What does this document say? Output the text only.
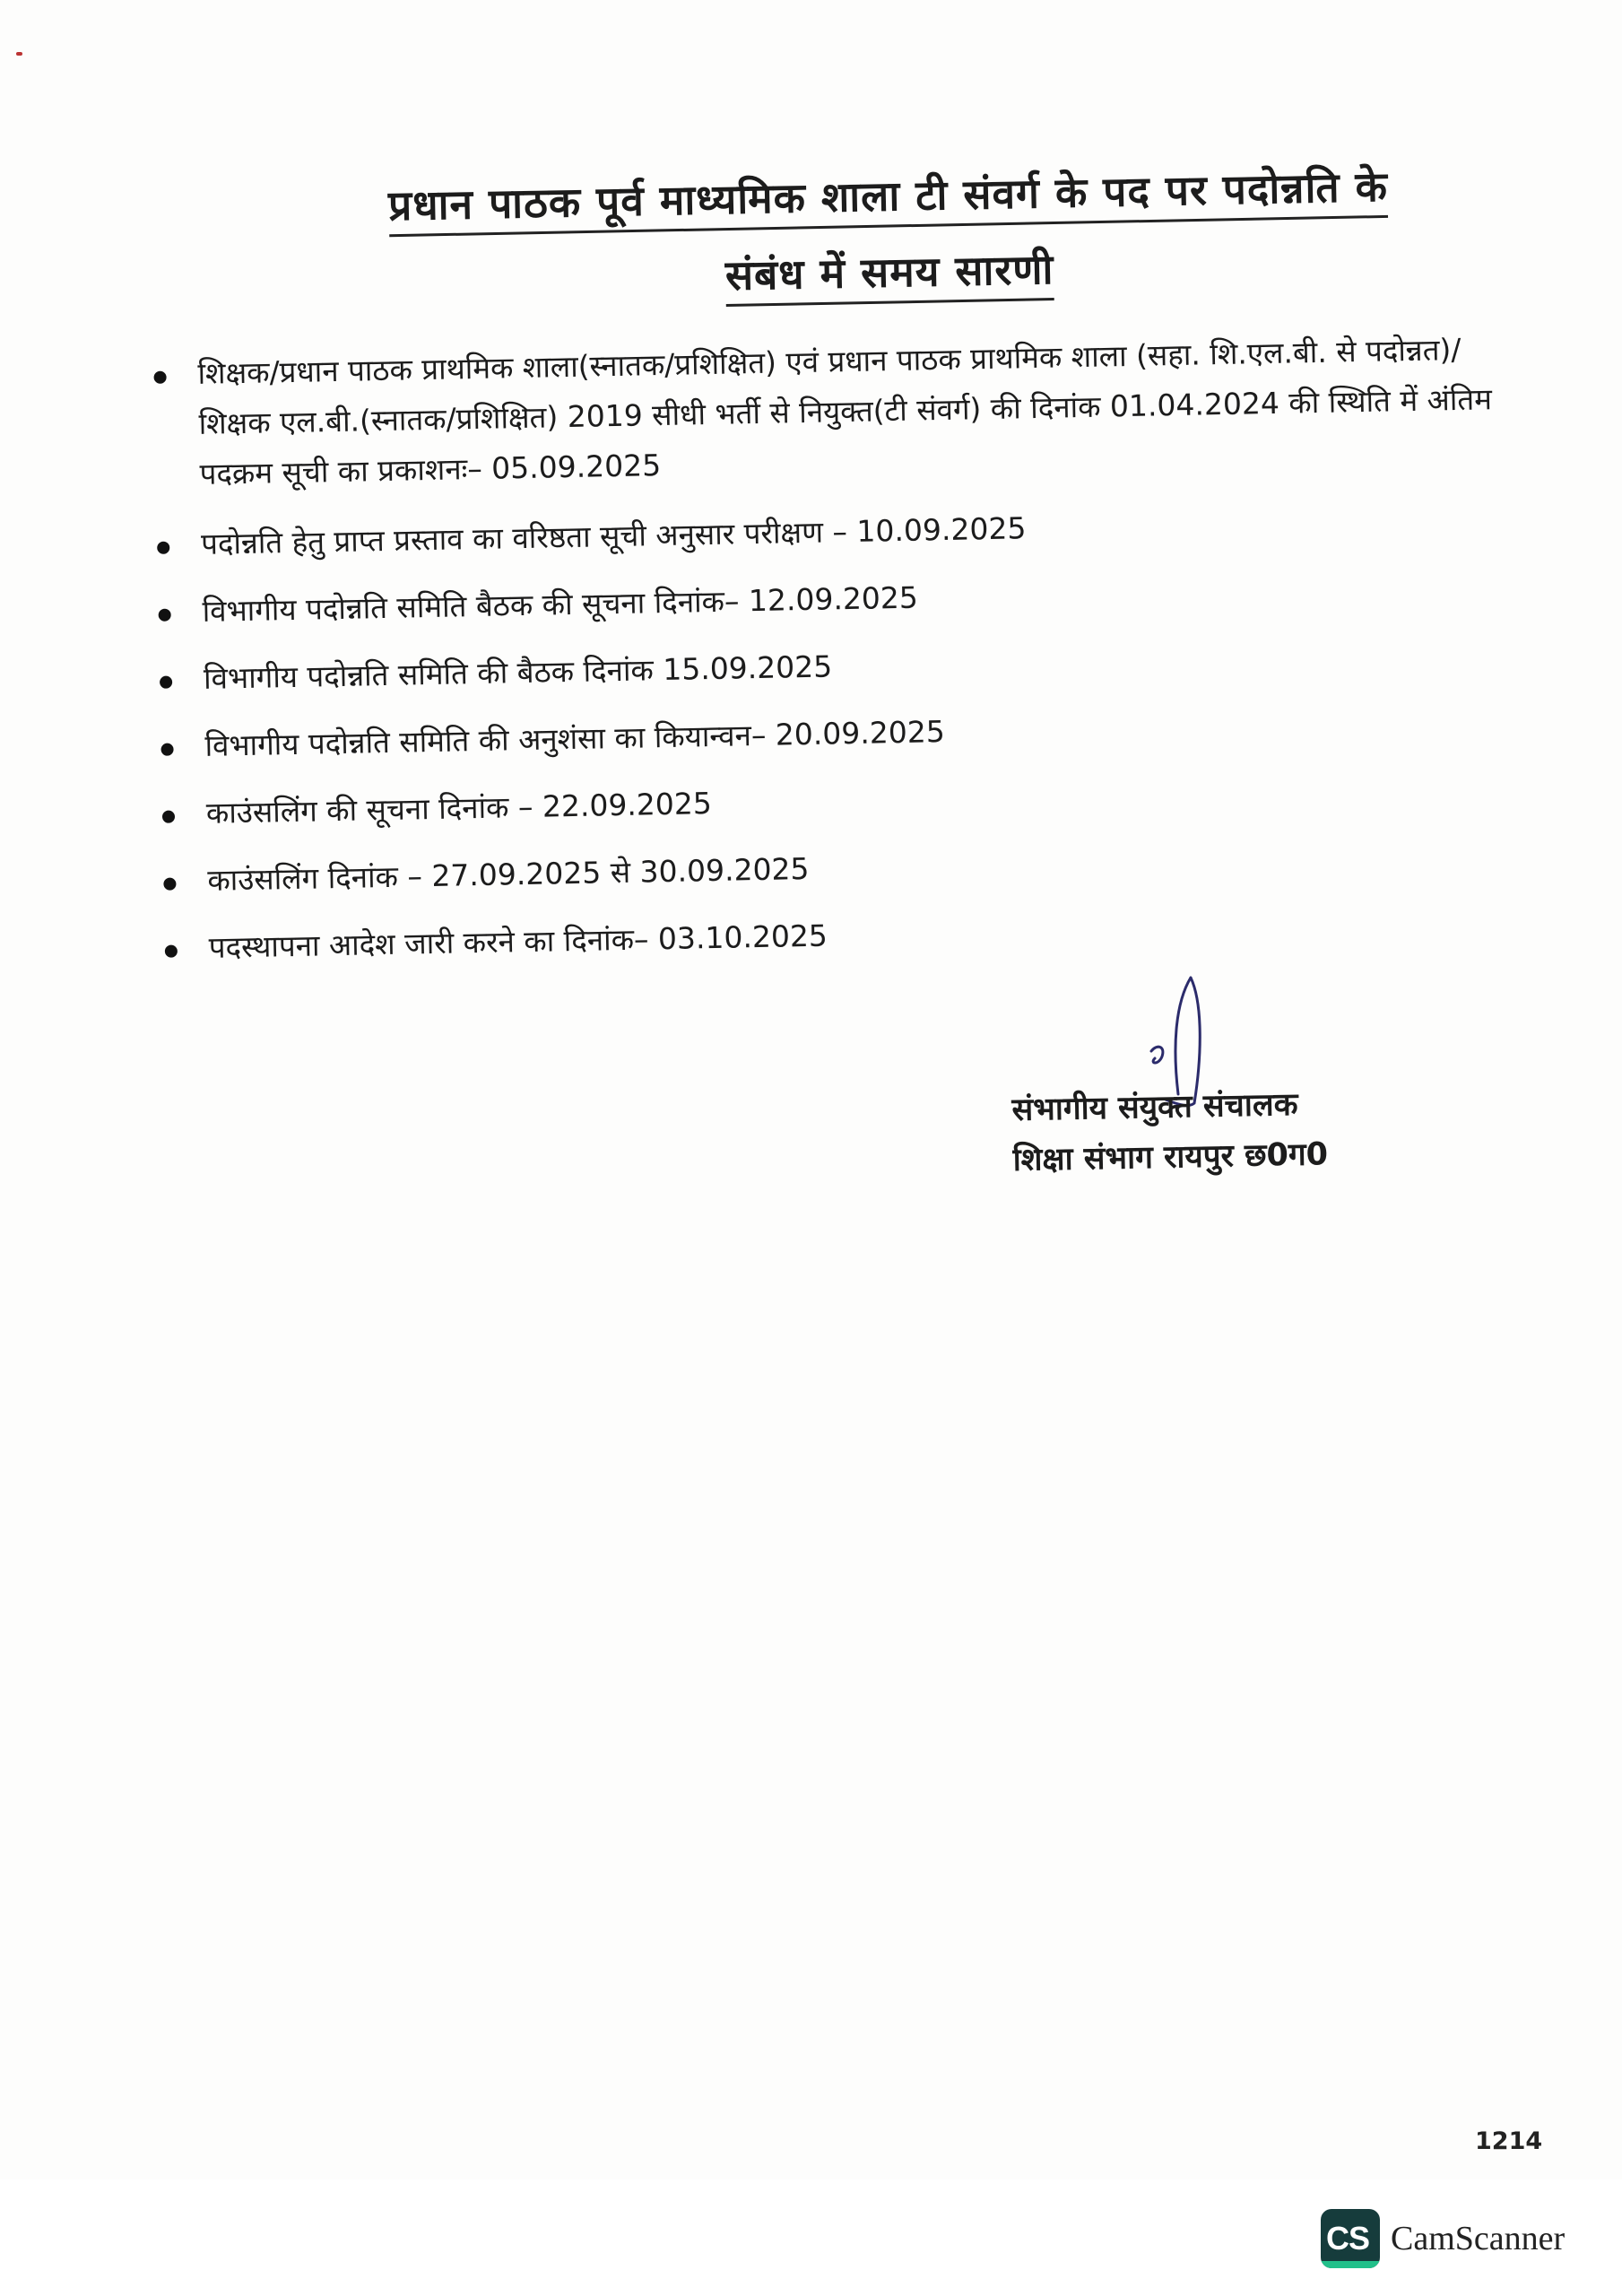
प्रधान पाठक पूर्व माध्यमिक शाला टी संवर्ग के पद पर पदोन्नति के
संबंध में समय सारणी
शिक्षक/प्रधान पाठक प्राथमिक शाला(स्नातक/प्रशिक्षित) एवं प्रधान पाठक प्राथमिक शाला (सहा. शि.एल.बी. से पदोन्नत)/शिक्षक एल.बी.(स्नातक/प्रशिक्षित) 2019 सीधी भर्ती से नियुक्त(टी संवर्ग) की दिनांक 01.04.2024 की स्थिति में अंतिम पदक्रम सूची का प्रकाशनः– 05.09.2025
पदोन्नति हेतु प्राप्त प्रस्ताव का वरिष्ठता सूची अनुसार परीक्षण – 10.09.2025
विभागीय पदोन्नति समिति बैठक की सूचना दिनांक– 12.09.2025
विभागीय पदोन्नति समिति की बैठक दिनांक 15.09.2025
विभागीय पदोन्नति समिति की अनुशंसा का कियान्वन– 20.09.2025
काउंसलिंग की सूचना दिनांक – 22.09.2025
काउंसलिंग दिनांक – 27.09.2025 से 30.09.2025
पदस्थापना आदेश जारी करने का दिनांक– 03.10.2025
संभागीय संयुक्त संचालक
शिक्षा संभाग रायपुर छ0ग0
1214
CS CamScanner
